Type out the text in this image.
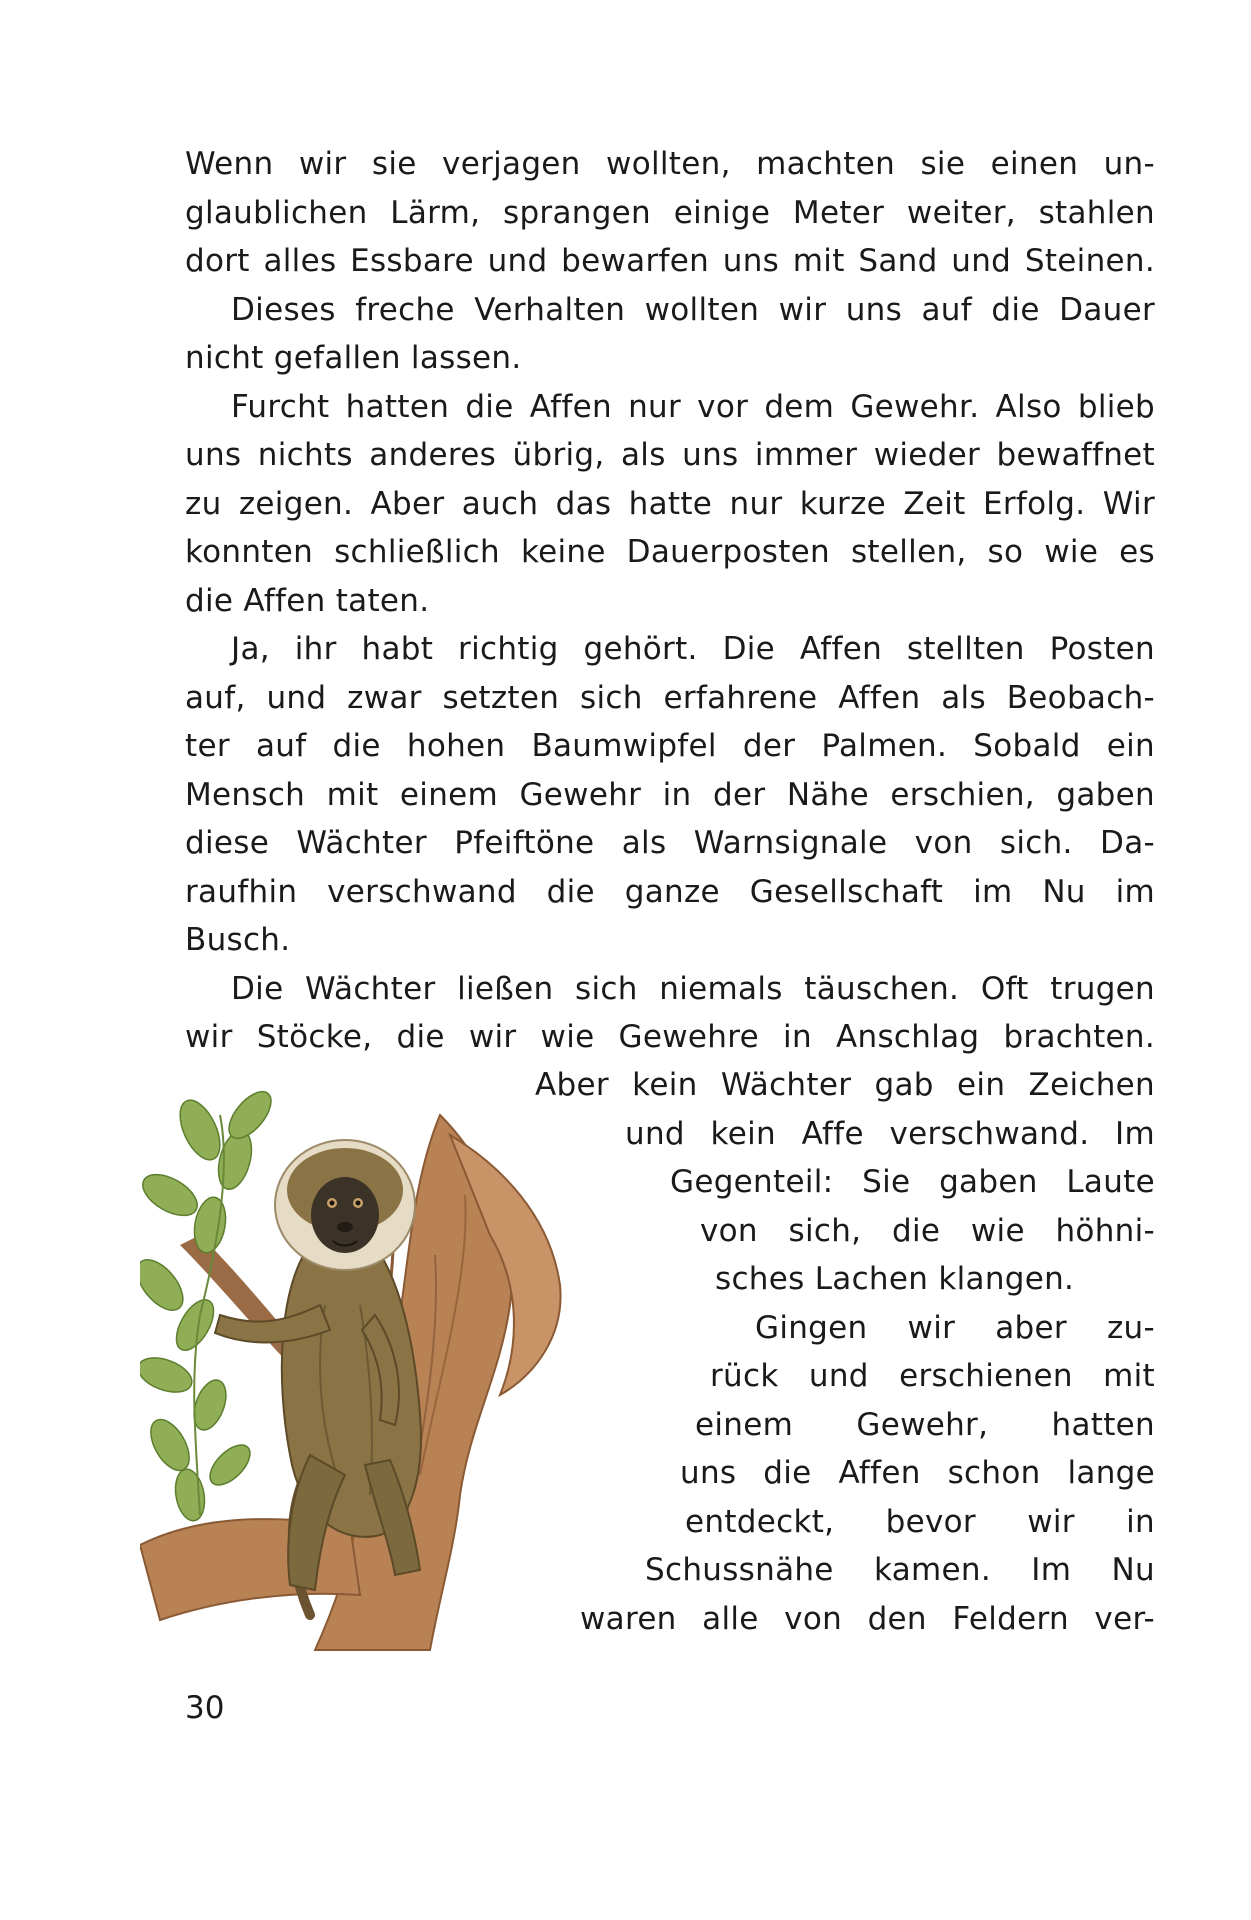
Wenn wir sie verjagen wollten, machten sie einen un-
glaublichen Lärm, sprangen einige Meter weiter, stahlen
dort alles Essbare und bewarfen uns mit Sand und Steinen.
Dieses freche Verhalten wollten wir uns auf die Dauer
nicht gefallen lassen.
Furcht hatten die Affen nur vor dem Gewehr. Also blieb
uns nichts anderes übrig, als uns immer wieder bewaffnet
zu zeigen. Aber auch das hatte nur kurze Zeit Erfolg. Wir
konnten schließlich keine Dauerposten stellen, so wie es
die Affen taten.
Ja, ihr habt richtig gehört. Die Affen stellten Posten
auf, und zwar setzten sich erfahrene Affen als Beobach-
ter auf die hohen Baumwipfel der Palmen. Sobald ein
Mensch mit einem Gewehr in der Nähe erschien, gaben
diese Wächter Pfeiftöne als Warnsignale von sich. Da-
raufhin verschwand die ganze Gesellschaft im Nu im
Busch.
Die Wächter ließen sich niemals täuschen. Oft trugen
wir Stöcke, die wir wie Gewehre in Anschlag brachten.
Aber kein Wächter gab ein Zeichen
und kein Affe verschwand. Im
Gegenteil: Sie gaben Laute
von sich, die wie höhni-
sches Lachen klangen.
Gingen wir aber zu-
rück und erschienen mit
einem Gewehr, hatten
uns die Affen schon lange
entdeckt, bevor wir in
Schussnähe kamen. Im Nu
waren alle von den Feldern ver-
30
